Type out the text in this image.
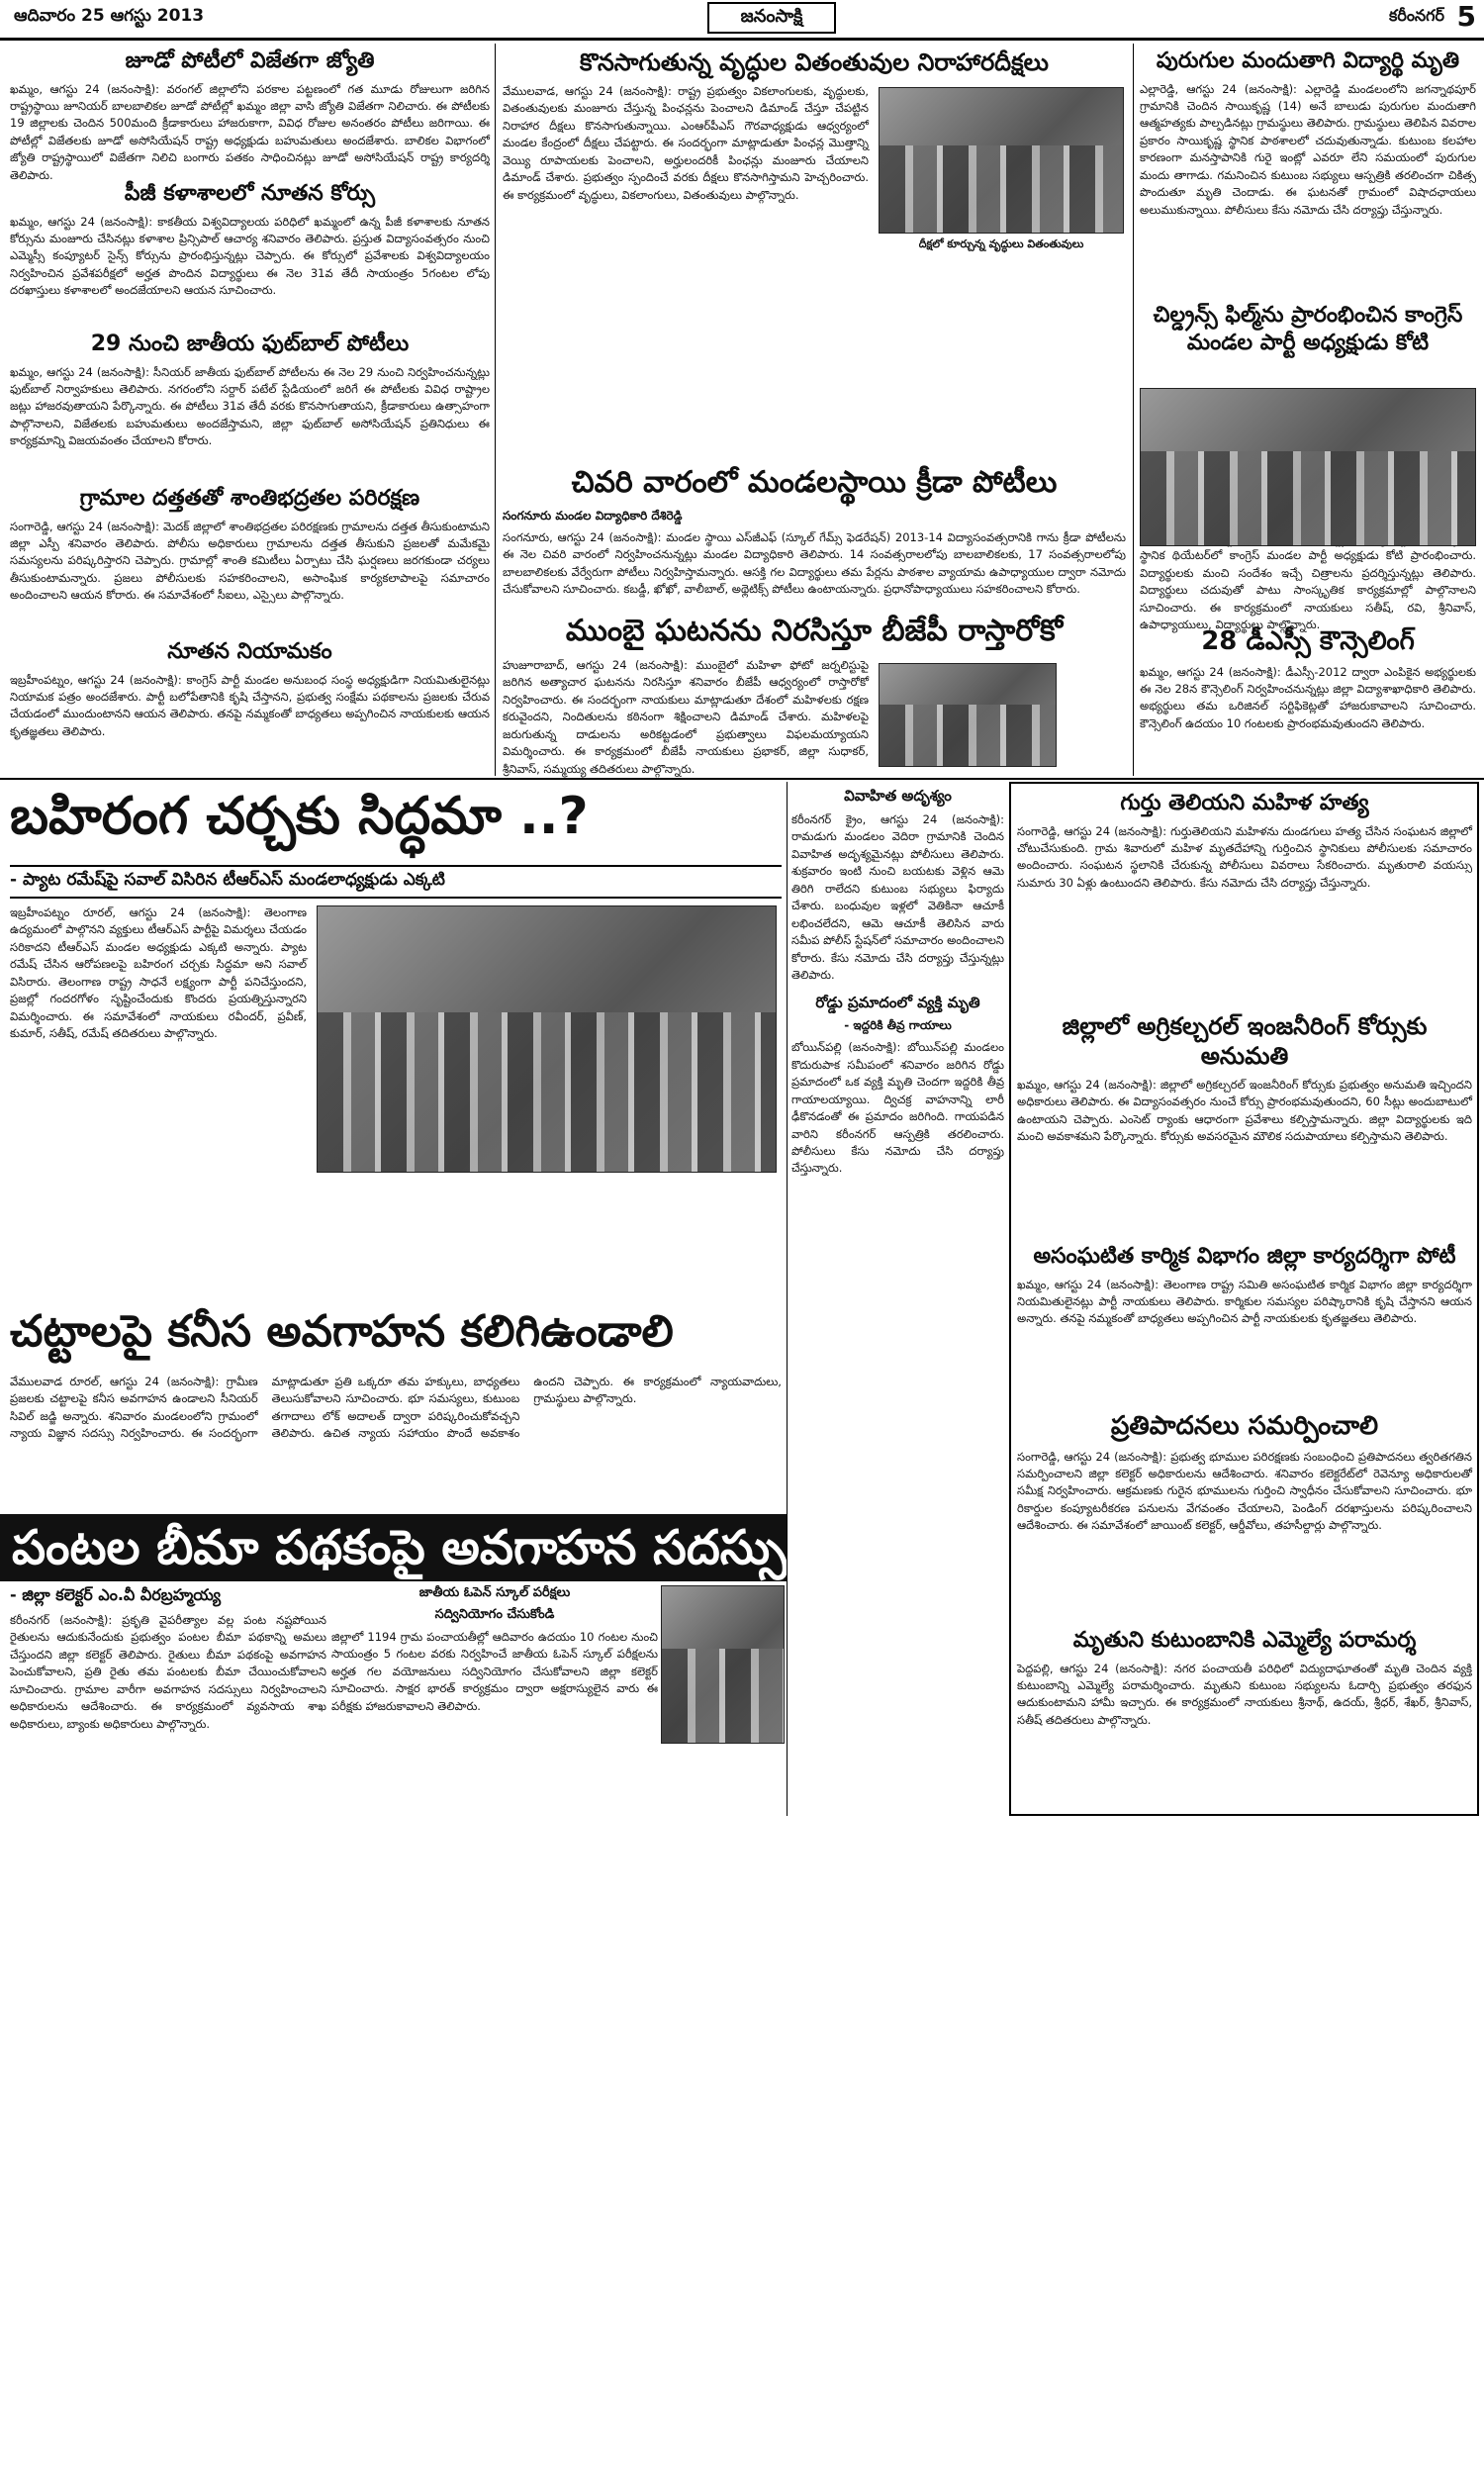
ఆదివారం 25 ఆగస్టు 2013	జనంసాక్షి	కరీంనగర్ 5
జూడో పోటీలో విజేతగా జ్యోతి

ఖమ్మం, ఆగస్టు 24 (జనంసాక్షి): వరంగల్ జిల్లాలోని పరకాల పట్టణంలో గత మూడు రోజులుగా జరిగిన రాష్ట్రస్థాయి జూనియర్ బాలబాలికల జూడో పోటీల్లో ఖమ్మం జిల్లా వాసి జ్యోతి విజేతగా నిలిచారు. ఈ పోటీలకు 19 జిల్లాలకు చెందిన 500మంది క్రీడాకారులు హాజరుకాగా, వివిధ రోజుల అనంతరం పోటీలు జరిగాయి. ఈ పోటీల్లో విజేతలకు జూడో అసోసియేషన్ రాష్ట్ర అధ్యక్షుడు బహుమతులు అందజేశారు. బాలికల విభాగంలో జ్యోతి రాష్ట్రస్థాయిలో విజేతగా నిలిచి బంగారు పతకం సాధించినట్లు జూడో అసోసియేషన్ రాష్ట్ర కార్యదర్శి తెలిపారు.

పీజీ కళాశాలలో నూతన కోర్సు

ఖమ్మం, ఆగస్టు 24 (జనంసాక్షి): కాకతీయ విశ్వవిద్యాలయ పరిధిలో ఖమ్మంలో ఉన్న పీజీ కళాశాలకు నూతన కోర్సును మంజూరు చేసినట్లు కళాశాల ప్రిన్సిపాల్ ఆచార్య శనివారం తెలిపారు. ప్రస్తుత విద్యాసంవత్సరం నుంచి ఎమ్మెస్సీ కంప్యూటర్ సైన్స్ కోర్సును ప్రారంభిస్తున్నట్లు చెప్పారు. ఈ కోర్సులో ప్రవేశాలకు విశ్వవిద్యాలయం నిర్వహించిన ప్రవేశపరీక్షలో అర్హత పొందిన విద్యార్థులు ఈ నెల 31వ తేదీ సాయంత్రం 5గంటల లోపు దరఖాస్తులు కళాశాలలో అందజేయాలని ఆయన సూచించారు.

29 నుంచి జాతీయ ఫుట్‌బాల్ పోటీలు

ఖమ్మం, ఆగస్టు 24 (జనంసాక్షి): సీనియర్ జాతీయ ఫుట్‌బాల్ పోటీలను ఈ నెల 29 నుంచి నిర్వహించనున్నట్లు ఫుట్‌బాల్ నిర్వాహకులు తెలిపారు. నగరంలోని సర్దార్ పటేల్ స్టేడియంలో జరిగే ఈ పోటీలకు వివిధ రాష్ట్రాల జట్లు హాజరవుతాయని పేర్కొన్నారు. ఈ పోటీలు 31వ తేదీ వరకు కొనసాగుతాయని, క్రీడాకారులు ఉత్సాహంగా పాల్గొనాలని, విజేతలకు బహుమతులు అందజేస్తామని, జిల్లా ఫుట్‌బాల్ అసోసియేషన్ ప్రతినిధులు ఈ కార్యక్రమాన్ని విజయవంతం చేయాలని కోరారు.

గ్రామాల దత్తతతో శాంతిభద్రతల పరిరక్షణ

సంగారెడ్డి, ఆగస్టు 24 (జనంసాక్షి): మెదక్ జిల్లాలో శాంతిభద్రతల పరిరక్షణకు గ్రామాలను దత్తత తీసుకుంటామని జిల్లా ఎస్పీ శనివారం తెలిపారు. పోలీసు అధికారులు గ్రామాలను దత్తత తీసుకుని ప్రజలతో మమేకమై సమస్యలను పరిష్కరిస్తారని చెప్పారు. గ్రామాల్లో శాంతి కమిటీలు ఏర్పాటు చేసి ఘర్షణలు జరగకుండా చర్యలు తీసుకుంటామన్నారు. ప్రజలు పోలీసులకు సహకరించాలని, అసాంఘిక కార్యకలాపాలపై సమాచారం అందించాలని ఆయన కోరారు. ఈ సమావేశంలో సీఐలు, ఎస్సైలు పాల్గొన్నారు.

నూతన నియామకం

ఇబ్రహీంపట్నం, ఆగస్టు 24 (జనంసాక్షి): కాంగ్రెస్ పార్టీ మండల అనుబంధ సంస్థ అధ్యక్షుడిగా నియమితులైనట్లు నియామక పత్రం అందజేశారు. పార్టీ బలోపేతానికి కృషి చేస్తానని, ప్రభుత్వ సంక్షేమ పథకాలను ప్రజలకు చేరువ చేయడంలో ముందుంటానని ఆయన తెలిపారు. తనపై నమ్మకంతో బాధ్యతలు అప్పగించిన నాయకులకు ఆయన కృతజ్ఞతలు తెలిపారు.

కొనసాగుతున్న వృద్ధుల వితంతువుల నిరాహారదీక్షలు

వేములవాడ, ఆగస్టు 24 (జనంసాక్షి): రాష్ట్ర ప్రభుత్వం వికలాంగులకు, వృద్ధులకు, వితంతువులకు మంజూరు చేస్తున్న పింఛన్లను పెంచాలని డిమాండ్ చేస్తూ చేపట్టిన నిరాహార దీక్షలు కొనసాగుతున్నాయి. ఎంఆర్‌పీఎస్ గౌరవాధ్యక్షుడు ఆధ్వర్యంలో మండల కేంద్రంలో దీక్షలు చేపట్టారు. ఈ సందర్భంగా మాట్లాడుతూ పింఛన్ల మొత్తాన్ని వెయ్యి రూపాయలకు పెంచాలని, అర్హులందరికీ పింఛన్లు మంజూరు చేయాలని డిమాండ్ చేశారు. ప్రభుత్వం స్పందించే వరకు దీక్షలు కొనసాగిస్తామని హెచ్చరించారు. ఈ కార్యక్రమంలో వృద్ధులు, వికలాంగులు, వితంతువులు పాల్గొన్నారు.

దీక్షలో కూర్చున్న వృద్ధులు వితంతువులు
చివరి వారంలో మండలస్థాయి క్రీడా పోటీలు
సంగనూరు మండల విద్యాధికారి దేశిరెడ్డి

సంగనూరు, ఆగస్టు 24 (జనంసాక్షి): మండల స్థాయి ఎస్‌జీఎఫ్ (స్కూల్ గేమ్స్ ఫెడరేషన్) 2013-14 విద్యాసంవత్సరానికి గాను క్రీడా పోటీలను ఈ నెల చివరి వారంలో నిర్వహించనున్నట్లు మండల విద్యాధికారి తెలిపారు. 14 సంవత్సరాలలోపు బాలబాలికలకు, 17 సంవత్సరాలలోపు బాలబాలికలకు వేర్వేరుగా పోటీలు నిర్వహిస్తామన్నారు. ఆసక్తి గల విద్యార్థులు తమ పేర్లను పాఠశాల వ్యాయామ ఉపాధ్యాయుల ద్వారా నమోదు చేసుకోవాలని సూచించారు. కబడ్డీ, ఖోఖో, వాలీబాల్, అథ్లెటిక్స్ పోటీలు ఉంటాయన్నారు. ప్రధానోపాధ్యాయులు సహకరించాలని కోరారు.

ముంబై ఘటనను నిరసిస్తూ బీజేపీ రాస్తారోకో

హుజూరాబాద్, ఆగస్టు 24 (జనంసాక్షి): ముంబైలో మహిళా ఫోటో జర్నలిస్టుపై జరిగిన అత్యాచార ఘటనను నిరసిస్తూ శనివారం బీజేపీ ఆధ్వర్యంలో రాస్తారోకో నిర్వహించారు. ఈ సందర్భంగా నాయకులు మాట్లాడుతూ దేశంలో మహిళలకు రక్షణ కరువైందని, నిందితులను కఠినంగా శిక్షించాలని డిమాండ్ చేశారు. మహిళలపై జరుగుతున్న దాడులను అరికట్టడంలో ప్రభుత్వాలు విఫలమయ్యాయని విమర్శించారు. ఈ కార్యక్రమంలో బీజేపీ నాయకులు ప్రభాకర్, జిల్లా సుధాకర్, శ్రీనివాస్, సమ్మయ్య తదితరులు పాల్గొన్నారు.

పురుగుల మందుతాగి విద్యార్థి మృతి

ఎల్లారెడ్డి, ఆగస్టు 24 (జనంసాక్షి): ఎల్లారెడ్డి మండలంలోని జగన్నాథపూర్ గ్రామానికి చెందిన సాయికృష్ణ (14) అనే బాలుడు పురుగుల మందుతాగి ఆత్మహత్యకు పాల్పడినట్లు గ్రామస్థులు తెలిపారు. గ్రామస్థులు తెలిపిన వివరాల ప్రకారం సాయికృష్ణ స్థానిక పాఠశాలలో చదువుతున్నాడు. కుటుంబ కలహాల కారణంగా మనస్తాపానికి గురై ఇంట్లో ఎవరూ లేని సమయంలో పురుగుల మందు తాగాడు. గమనించిన కుటుంబ సభ్యులు ఆస్పత్రికి తరలించగా చికిత్స పొందుతూ మృతి చెందాడు. ఈ ఘటనతో గ్రామంలో విషాదఛాయలు అలుముకున్నాయి. పోలీసులు కేసు నమోదు చేసి దర్యాప్తు చేస్తున్నారు.

చిల్డ్రన్స్ ఫిల్మ్‌ను ప్రారంభించిన కాంగ్రెస్ మండల పార్టీ అధ్యక్షుడు కోటి

స్థానిక థియేటర్‌లో కాంగ్రెస్ మండల పార్టీ అధ్యక్షుడు కోటి ప్రారంభించారు. విద్యార్థులకు మంచి సందేశం ఇచ్చే చిత్రాలను ప్రదర్శిస్తున్నట్లు తెలిపారు. విద్యార్థులు చదువుతో పాటు సాంస్కృతిక కార్యక్రమాల్లో పాల్గొనాలని సూచించారు. ఈ కార్యక్రమంలో నాయకులు సతీష్, రవి, శ్రీనివాస్, ఉపాధ్యాయులు, విద్యార్థులు పాల్గొన్నారు.

28 డీఎస్సీ కౌన్సెలింగ్

ఖమ్మం, ఆగస్టు 24 (జనంసాక్షి): డీఎస్సీ-2012 ద్వారా ఎంపికైన అభ్యర్థులకు ఈ నెల 28న కౌన్సెలింగ్ నిర్వహించనున్నట్లు జిల్లా విద్యాశాఖాధికారి తెలిపారు. అభ్యర్థులు తమ ఒరిజినల్ సర్టిఫికెట్లతో హాజరుకావాలని సూచించారు. కౌన్సెలింగ్ ఉదయం 10 గంటలకు ప్రారంభమవుతుందని తెలిపారు.

బహిరంగ చర్చకు సిద్ధమా ..?
- ప్యాట రమేష్‌పై సవాల్ విసిరిన టీఆర్‌ఎస్ మండలాధ్యక్షుడు ఎక్కటి

ఇబ్రహీంపట్నం రూరల్, ఆగస్టు 24 (జనంసాక్షి): తెలంగాణ ఉద్యమంలో పాల్గొనని వ్యక్తులు టీఆర్‌ఎస్ పార్టీపై విమర్శలు చేయడం సరికాదని టీఆర్‌ఎస్ మండల అధ్యక్షుడు ఎక్కటి అన్నారు. ప్యాట రమేష్ చేసిన ఆరోపణలపై బహిరంగ చర్చకు సిద్ధమా అని సవాల్ విసిరారు. తెలంగాణ రాష్ట్ర సాధనే లక్ష్యంగా పార్టీ పనిచేస్తుందని, ప్రజల్లో గందరగోళం సృష్టించేందుకు కొందరు ప్రయత్నిస్తున్నారని విమర్శించారు. ఈ సమావేశంలో నాయకులు రవీందర్, ప్రవీణ్, కుమార్, సతీష్, రమేష్ తదితరులు పాల్గొన్నారు.

చట్టాలపై కనీస అవగాహన కలిగిఉండాలి

వేములవాడ రూరల్, ఆగస్టు 24 (జనంసాక్షి): గ్రామీణ ప్రజలకు చట్టాలపై కనీస అవగాహన ఉండాలని సీనియర్ సివిల్ జడ్జి అన్నారు. శనివారం మండలంలోని గ్రామంలో న్యాయ విజ్ఞాన సదస్సు నిర్వహించారు. ఈ సందర్భంగా మాట్లాడుతూ ప్రతి ఒక్కరూ తమ హక్కులు, బాధ్యతలు తెలుసుకోవాలని సూచించారు. భూ సమస్యలు, కుటుంబ తగాదాలు లోక్ అదాలత్ ద్వారా పరిష్కరించుకోవచ్చని తెలిపారు. ఉచిత న్యాయ సహాయం పొందే అవకాశం ఉందని చెప్పారు. ఈ కార్యక్రమంలో న్యాయవాదులు, గ్రామస్థులు పాల్గొన్నారు.

పంటల బీమా పథకంపై అవగాహన సదస్సు
- జిల్లా కలెక్టర్ ఎం.వీ వీరబ్రహ్మయ్య

కరీంనగర్ (జనంసాక్షి): ప్రకృతి వైపరీత్యాల వల్ల పంట నష్టపోయిన రైతులను ఆదుకునేందుకు ప్రభుత్వం పంటల బీమా పథకాన్ని అమలు చేస్తుందని జిల్లా కలెక్టర్ తెలిపారు. రైతులు బీమా పథకంపై అవగాహన పెంచుకోవాలని, ప్రతి రైతు తమ పంటలకు బీమా చేయించుకోవాలని సూచించారు. గ్రామాల వారీగా అవగాహన సదస్సులు నిర్వహించాలని అధికారులను ఆదేశించారు. ఈ కార్యక్రమంలో వ్యవసాయ శాఖ అధికారులు, బ్యాంకు అధికారులు పాల్గొన్నారు.

జాతీయ ఓపెన్ స్కూల్ పరీక్షలు
సద్వినియోగం చేసుకోండి

జిల్లాలో 1194 గ్రామ పంచాయతీల్లో ఆదివారం ఉదయం 10 గంటల నుంచి సాయంత్రం 5 గంటల వరకు నిర్వహించే జాతీయ ఓపెన్ స్కూల్ పరీక్షలను అర్హత గల వయోజనులు సద్వినియోగం చేసుకోవాలని జిల్లా కలెక్టర్ సూచించారు. సాక్షర భారత్ కార్యక్రమం ద్వారా అక్షరాస్యులైన వారు ఈ పరీక్షకు హాజరుకావాలని తెలిపారు.

వివాహిత అదృశ్యం

కరీంనగర్ క్రైం, ఆగస్టు 24 (జనంసాక్షి): రామడుగు మండలం వెదిరా గ్రామానికి చెందిన వివాహిత అదృశ్యమైనట్లు పోలీసులు తెలిపారు. శుక్రవారం ఇంటి నుంచి బయటకు వెళ్లిన ఆమె తిరిగి రాలేదని కుటుంబ సభ్యులు ఫిర్యాదు చేశారు. బంధువుల ఇళ్లలో వెతికినా ఆచూకీ లభించలేదని, ఆమె ఆచూకీ తెలిసిన వారు సమీప పోలీస్ స్టేషన్‌లో సమాచారం అందించాలని కోరారు. కేసు నమోదు చేసి దర్యాప్తు చేస్తున్నట్లు తెలిపారు.

రోడ్డు ప్రమాదంలో వ్యక్తి మృతి
- ఇద్దరికి తీవ్ర గాయాలు

బోయిన్‌పల్లి (జనంసాక్షి): బోయిన్‌పల్లి మండలం కొదురుపాక సమీపంలో శనివారం జరిగిన రోడ్డు ప్రమాదంలో ఒక వ్యక్తి మృతి చెందగా ఇద్దరికి తీవ్ర గాయాలయ్యాయి. ద్విచక్ర వాహనాన్ని లారీ ఢీకొనడంతో ఈ ప్రమాదం జరిగింది. గాయపడిన వారిని కరీంనగర్ ఆస్పత్రికి తరలించారు. పోలీసులు కేసు నమోదు చేసి దర్యాప్తు చేస్తున్నారు.

గుర్తు తెలియని మహిళ హత్య

సంగారెడ్డి, ఆగస్టు 24 (జనంసాక్షి): గుర్తుతెలియని మహిళను దుండగులు హత్య చేసిన సంఘటన జిల్లాలో చోటుచేసుకుంది. గ్రామ శివారులో మహిళ మృతదేహాన్ని గుర్తించిన స్థానికులు పోలీసులకు సమాచారం అందించారు. సంఘటన స్థలానికి చేరుకున్న పోలీసులు వివరాలు సేకరించారు. మృతురాలి వయస్సు సుమారు 30 ఏళ్లు ఉంటుందని తెలిపారు. కేసు నమోదు చేసి దర్యాప్తు చేస్తున్నారు.

జిల్లాలో అగ్రికల్చరల్ ఇంజనీరింగ్ కోర్సుకు అనుమతి

ఖమ్మం, ఆగస్టు 24 (జనంసాక్షి): జిల్లాలో అగ్రికల్చరల్ ఇంజనీరింగ్ కోర్సుకు ప్రభుత్వం అనుమతి ఇచ్చిందని అధికారులు తెలిపారు. ఈ విద్యాసంవత్సరం నుంచే కోర్సు ప్రారంభమవుతుందని, 60 సీట్లు అందుబాటులో ఉంటాయని చెప్పారు. ఎంసెట్ ర్యాంకు ఆధారంగా ప్రవేశాలు కల్పిస్తామన్నారు. జిల్లా విద్యార్థులకు ఇది మంచి అవకాశమని పేర్కొన్నారు. కోర్సుకు అవసరమైన మౌలిక సదుపాయాలు కల్పిస్తామని తెలిపారు.

అసంఘటిత కార్మిక విభాగం జిల్లా కార్యదర్శిగా పోటీ

ఖమ్మం, ఆగస్టు 24 (జనంసాక్షి): తెలంగాణ రాష్ట్ర సమితి అసంఘటిత కార్మిక విభాగం జిల్లా కార్యదర్శిగా నియమితులైనట్లు పార్టీ నాయకులు తెలిపారు. కార్మికుల సమస్యల పరిష్కారానికి కృషి చేస్తానని ఆయన అన్నారు. తనపై నమ్మకంతో బాధ్యతలు అప్పగించిన పార్టీ నాయకులకు కృతజ్ఞతలు తెలిపారు.

ప్రతిపాదనలు సమర్పించాలి

సంగారెడ్డి, ఆగస్టు 24 (జనంసాక్షి): ప్రభుత్వ భూముల పరిరక్షణకు సంబంధించి ప్రతిపాదనలు త్వరితగతిన సమర్పించాలని జిల్లా కలెక్టర్ అధికారులను ఆదేశించారు. శనివారం కలెక్టరేట్‌లో రెవెన్యూ అధికారులతో సమీక్ష నిర్వహించారు. ఆక్రమణకు గురైన భూములను గుర్తించి స్వాధీనం చేసుకోవాలని సూచించారు. భూ రికార్డుల కంప్యూటరీకరణ పనులను వేగవంతం చేయాలని, పెండింగ్ దరఖాస్తులను పరిష్కరించాలని ఆదేశించారు. ఈ సమావేశంలో జాయింట్ కలెక్టర్, ఆర్డీవోలు, తహసీల్దార్లు పాల్గొన్నారు.

మృతుని కుటుంబానికి ఎమ్మెల్యే పరామర్శ

పెద్దపల్లి, ఆగస్టు 24 (జనంసాక్షి): నగర పంచాయతీ పరిధిలో విద్యుదాఘాతంతో మృతి చెందిన వ్యక్తి కుటుంబాన్ని ఎమ్మెల్యే పరామర్శించారు. మృతుని కుటుంబ సభ్యులను ఓదార్చి ప్రభుత్వం తరఫున ఆదుకుంటామని హామీ ఇచ్చారు. ఈ కార్యక్రమంలో నాయకులు శ్రీనాథ్, ఉదయ్, శ్రీధర్, శేఖర్, శ్రీనివాస్, సతీష్ తదితరులు పాల్గొన్నారు.
